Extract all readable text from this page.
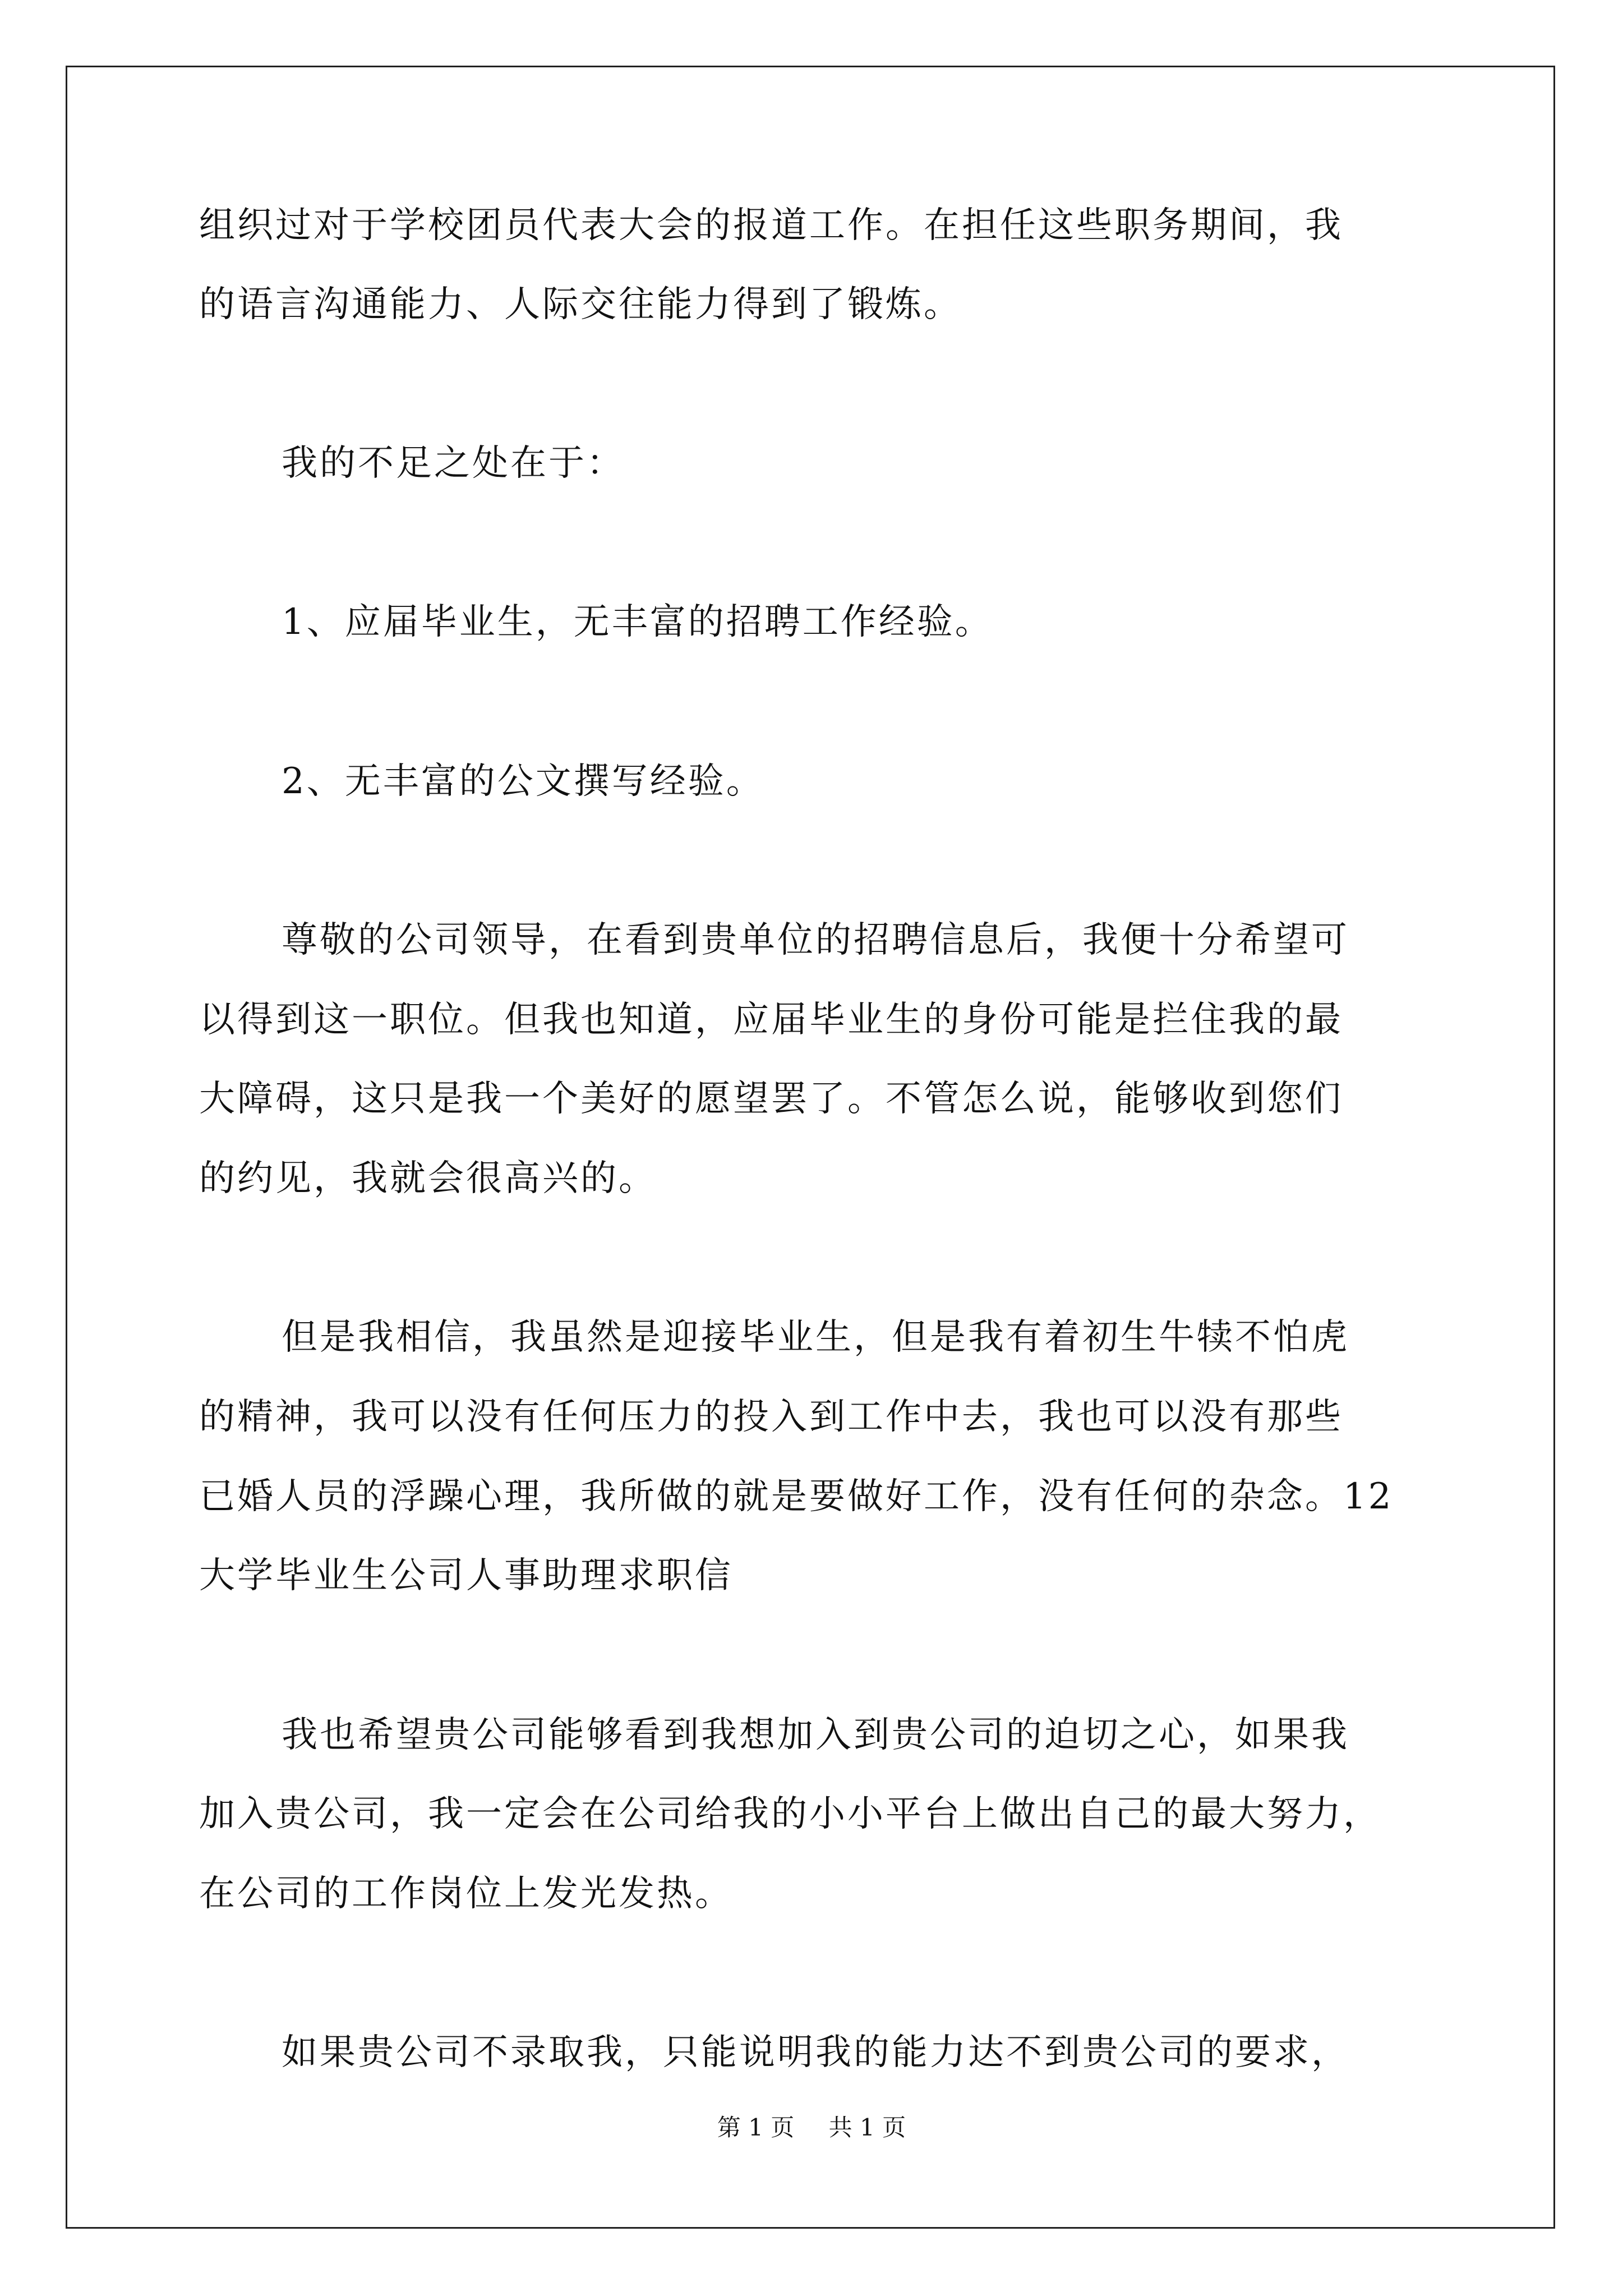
组织过对于学校团员代表大会的报道工作。在担任这些职务期间，我
的语言沟通能力、人际交往能力得到了锻炼。
我的不足之处在于：
1、应届毕业生，无丰富的招聘工作经验。
2、无丰富的公文撰写经验。
尊敬的公司领导，在看到贵单位的招聘信息后，我便十分希望可
以得到这一职位。但我也知道，应届毕业生的身份可能是拦住我的最
大障碍，这只是我一个美好的愿望罢了。不管怎么说，能够收到您们
的约见，我就会很高兴的。
但是我相信，我虽然是迎接毕业生，但是我有着初生牛犊不怕虎
的精神，我可以没有任何压力的投入到工作中去，我也可以没有那些
已婚人员的浮躁心理，我所做的就是要做好工作，没有任何的杂念。12
大学毕业生公司人事助理求职信
我也希望贵公司能够看到我想加入到贵公司的迫切之心，如果我
加入贵公司，我一定会在公司给我的小小平台上做出自己的最大努力，
在公司的工作岗位上发光发热。
如果贵公司不录取我，只能说明我的能力达不到贵公司的要求，
第 1 页 共 1 页
